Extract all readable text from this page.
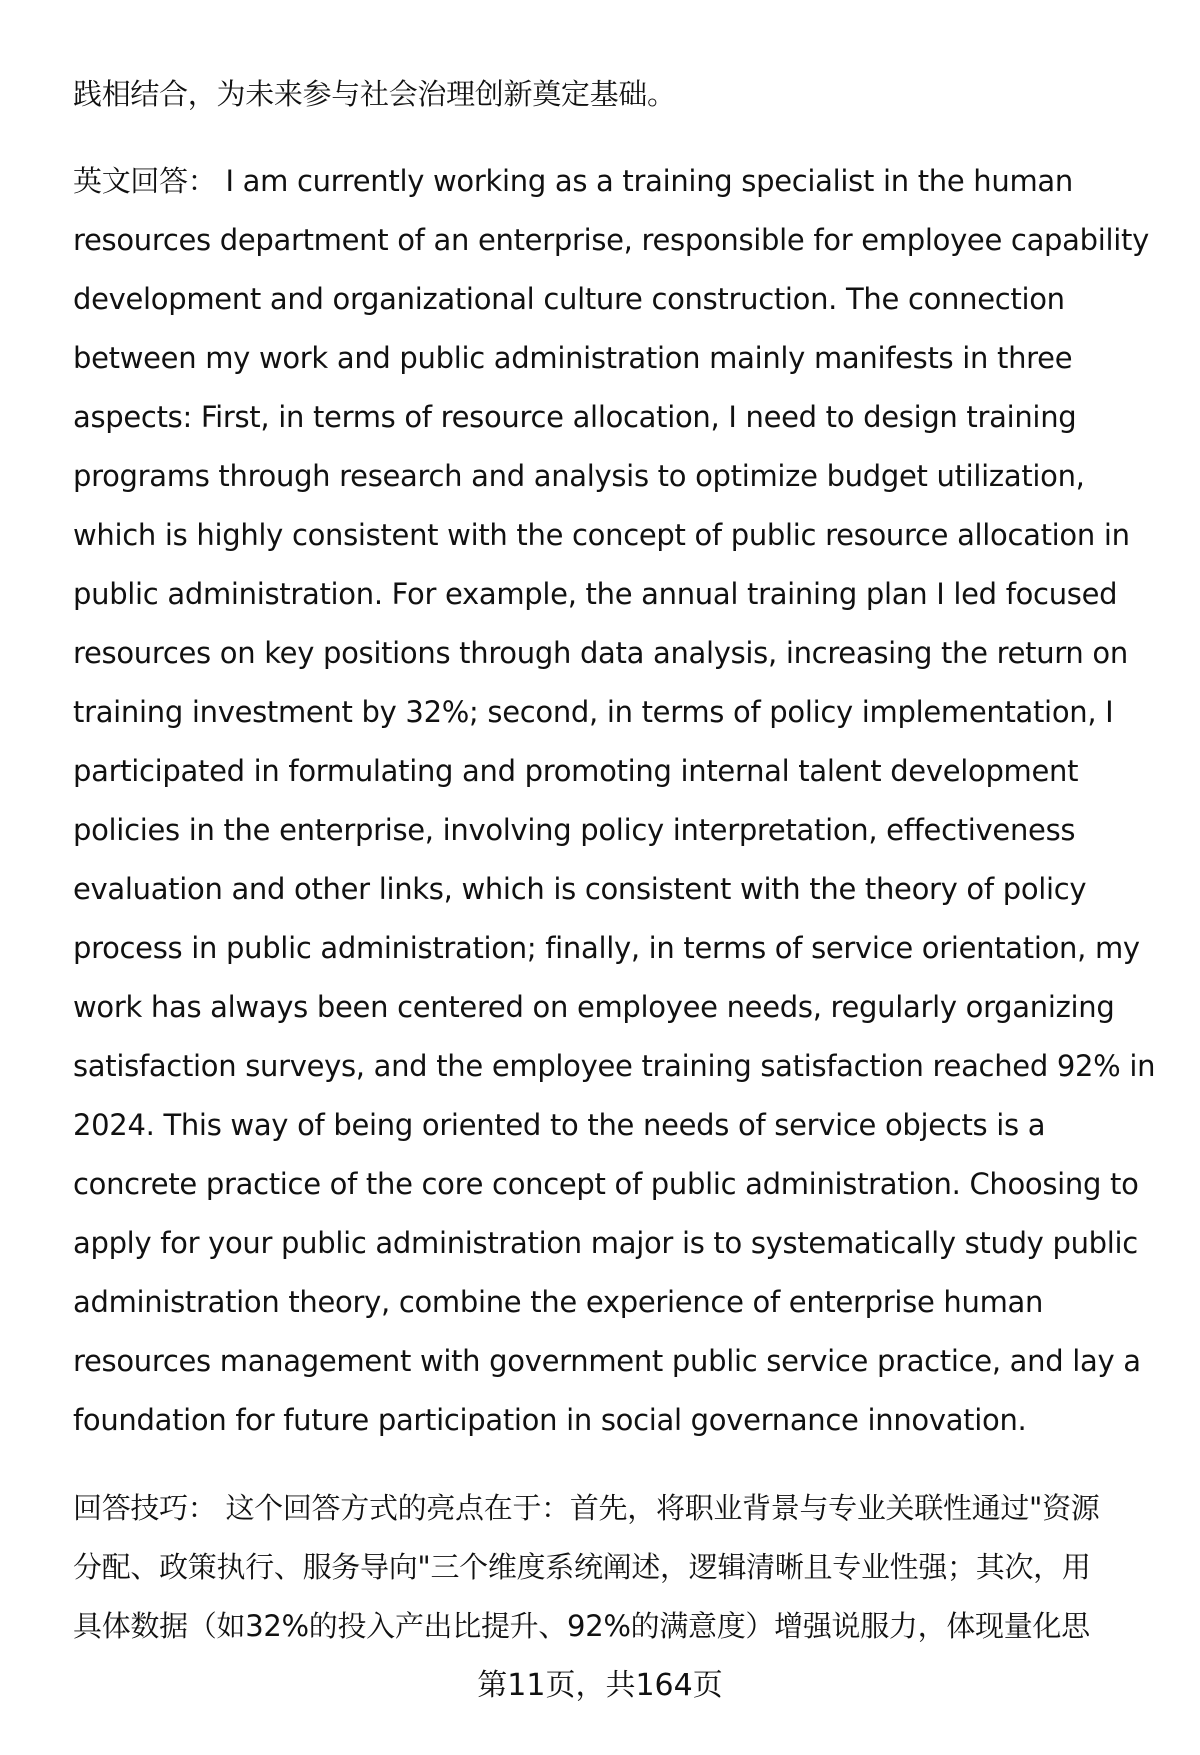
践相结合，为未来参与社会治理创新奠定基础。
英文回答： I am currently working as a training specialist in the human
resources department of an enterprise, responsible for employee capability
development and organizational culture construction. The connection
between my work and public administration mainly manifests in three
aspects: First, in terms of resource allocation, I need to design training
programs through research and analysis to optimize budget utilization,
which is highly consistent with the concept of public resource allocation in
public administration. For example, the annual training plan I led focused
resources on key positions through data analysis, increasing the return on
training investment by 32%; second, in terms of policy implementation, I
participated in formulating and promoting internal talent development
policies in the enterprise, involving policy interpretation, effectiveness
evaluation and other links, which is consistent with the theory of policy
process in public administration; finally, in terms of service orientation, my
work has always been centered on employee needs, regularly organizing
satisfaction surveys, and the employee training satisfaction reached 92% in
2024. This way of being oriented to the needs of service objects is a
concrete practice of the core concept of public administration. Choosing to
apply for your public administration major is to systematically study public
administration theory, combine the experience of enterprise human
resources management with government public service practice, and lay a
foundation for future participation in social governance innovation.
回答技巧： 这个回答方式的亮点在于：首先，将职业背景与专业关联性通过"资源
分配、政策执行、服务导向"三个维度系统阐述，逻辑清晰且专业性强；其次，用
具体数据（如32%的投入产出比提升、92%的满意度）增强说服力，体现量化思
第11页，共164页
